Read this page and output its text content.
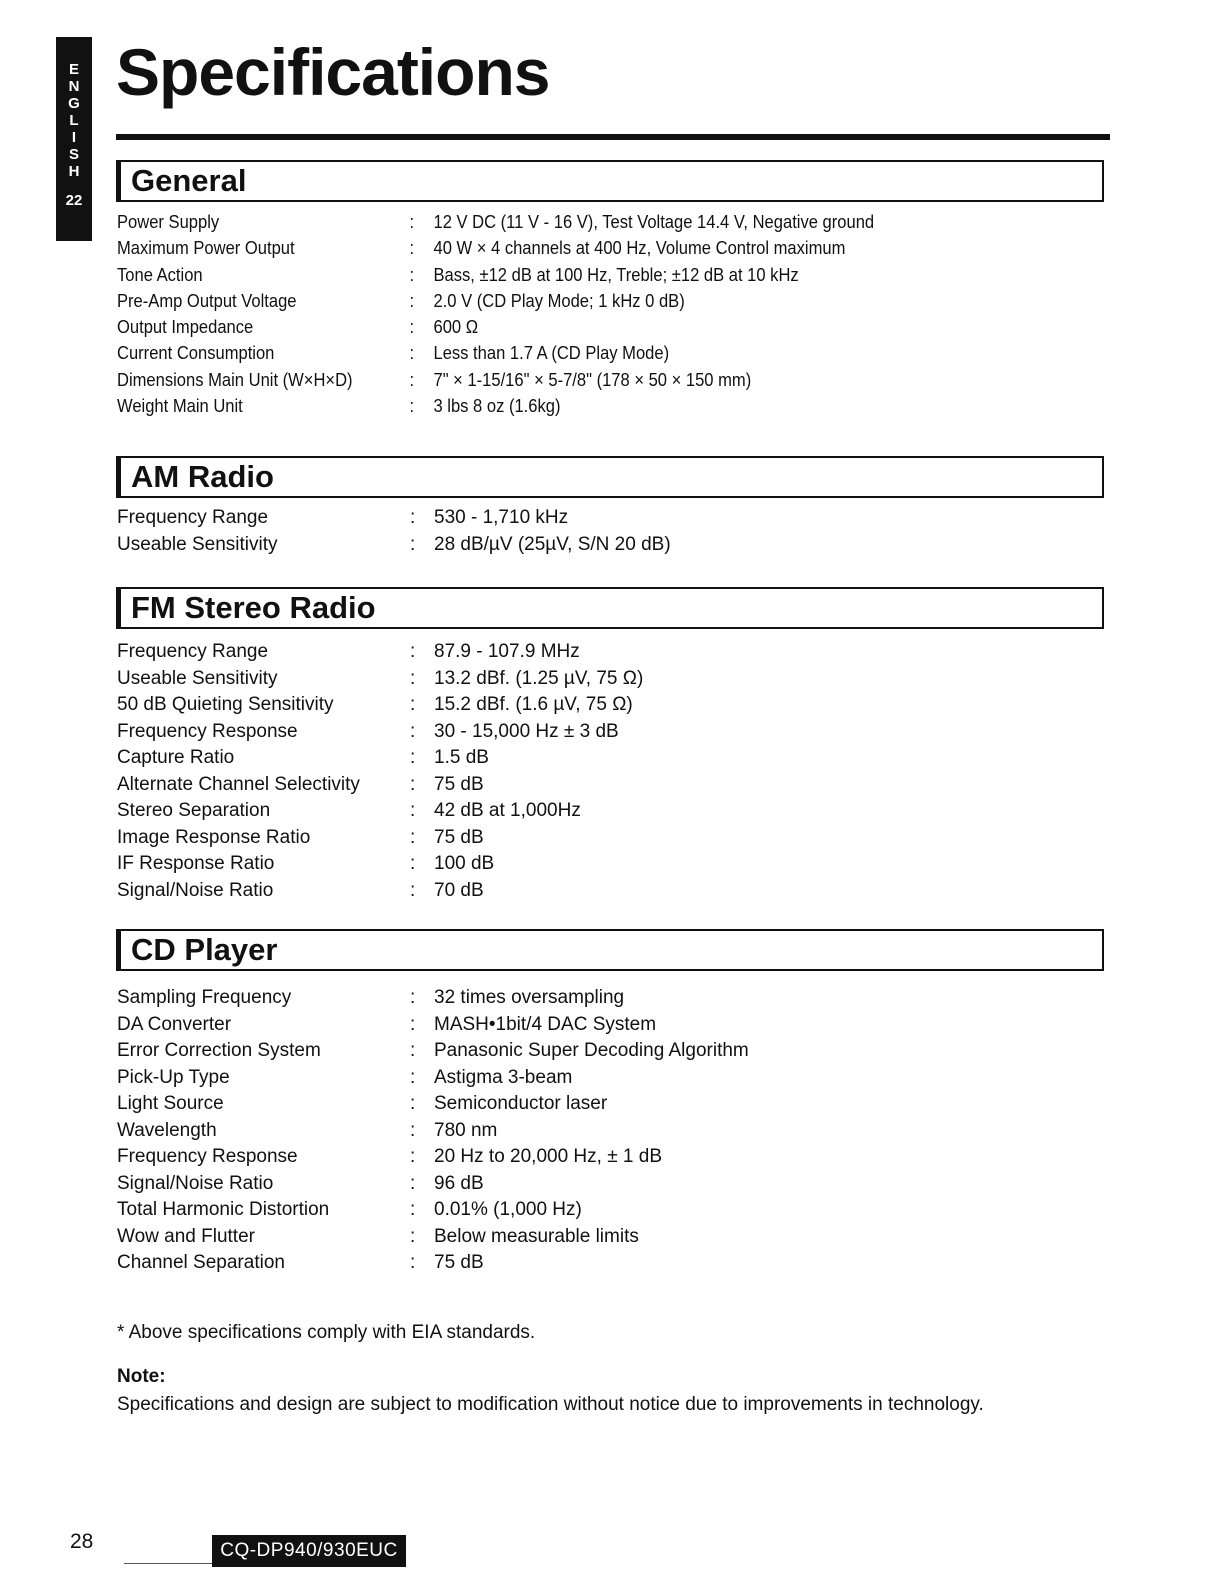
E
N
G
L
I
S
H
22
Specifications
General
Power Supply	: 12 V DC (11 V - 16 V), Test Voltage 14.4 V, Negative ground
Maximum Power Output	: 40 W × 4 channels at 400 Hz, Volume Control maximum
Tone Action	: Bass, ±12 dB at 100 Hz, Treble; ±12 dB at 10 kHz
Pre-Amp Output Voltage	: 2.0 V (CD Play Mode; 1 kHz 0 dB)
Output Impedance	: 600 Ω
Current Consumption	: Less than 1.7 A (CD Play Mode)
Dimensions Main Unit (W×H×D)	: 7" × 1-15/16" × 5-7/8" (178 × 50 × 150 mm)
Weight Main Unit	: 3 lbs 8 oz (1.6kg)
AM Radio
Frequency Range	: 530 - 1,710 kHz
Useable Sensitivity	: 28 dB/µV (25µV, S/N 20 dB)
FM Stereo Radio
Frequency Range	: 87.9 - 107.9 MHz
Useable Sensitivity	: 13.2 dBf. (1.25 µV, 75 Ω)
50 dB Quieting Sensitivity	: 15.2 dBf. (1.6 µV, 75 Ω)
Frequency Response	: 30 - 15,000 Hz ± 3 dB
Capture Ratio	: 1.5 dB
Alternate Channel Selectivity	: 75 dB
Stereo Separation	: 42 dB at 1,000Hz
Image Response Ratio	: 75 dB
IF Response Ratio	: 100 dB
Signal/Noise Ratio	: 70 dB
CD Player
Sampling Frequency	: 32 times oversampling
DA Converter	: MASH•1bit/4 DAC System
Error Correction System	: Panasonic Super Decoding Algorithm
Pick-Up Type	: Astigma 3-beam
Light Source	: Semiconductor laser
Wavelength	: 780 nm
Frequency Response	: 20 Hz to 20,000 Hz, ± 1 dB
Signal/Noise Ratio	: 96 dB
Total Harmonic Distortion	: 0.01% (1,000 Hz)
Wow and Flutter	: Below measurable limits
Channel Separation	: 75 dB
* Above specifications comply with EIA standards.
Note:
Specifications and design are subject to modification without notice due to improvements in technology.
28	CQ-DP940/930EUC
